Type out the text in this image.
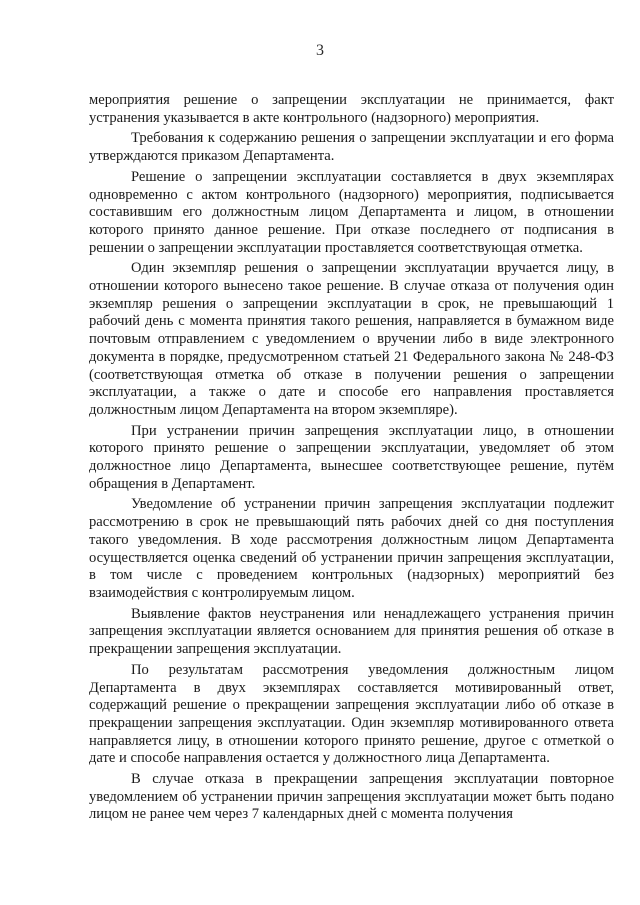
3

мероприятия решение о запрещении эксплуатации не принимается, факт устранения указывается в акте контрольного (надзорного) мероприятия.

Требования к содержанию решения о запрещении эксплуатации и его форма утверждаются приказом Департамента.

Решение о запрещении эксплуатации составляется в двух экземплярах одновременно с актом контрольного (надзорного) мероприятия, подписывается составившим его должностным лицом Департамента и лицом, в отношении которого принято данное решение. При отказе последнего от подписания в решении о запрещении эксплуатации проставляется соответствующая отметка.

Один экземпляр решения о запрещении эксплуатации вручается лицу, в отношении которого вынесено такое решение. В случае отказа от получения один экземпляр решения о запрещении эксплуатации в срок, не превышающий 1 рабочий день с момента принятия такого решения, направляется в бумажном виде почтовым отправлением с уведомлением о вручении либо в виде электронного документа в порядке, предусмотренном статьей 21 Федерального закона № 248-ФЗ (соответствующая отметка об отказе в получении решения о запрещении эксплуатации, а также о дате и способе его направления проставляется должностным лицом Департамента на втором экземпляре).

При устранении причин запрещения эксплуатации лицо, в отношении которого принято решение о запрещении эксплуатации, уведомляет об этом должностное лицо Департамента, вынесшее соответствующее решение, путём обращения в Департамент.

Уведомление об устранении причин запрещения эксплуатации подлежит рассмотрению в срок не превышающий пять рабочих дней со дня поступления такого уведомления. В ходе рассмотрения должностным лицом Департамента осуществляется оценка сведений об устранении причин запрещения эксплуатации, в том числе с проведением контрольных (надзорных) мероприятий без взаимодействия с контролируемым лицом.

Выявление фактов неустранения или ненадлежащего устранения причин запрещения эксплуатации является основанием для принятия решения об отказе в прекращении запрещения эксплуатации.

По результатам рассмотрения уведомления должностным лицом Департамента в двух экземплярах составляется мотивированный ответ, содержащий решение о прекращении запрещения эксплуатации либо об отказе в прекращении запрещения эксплуатации. Один экземпляр мотивированного ответа направляется лицу, в отношении которого принято решение, другое с отметкой о дате и способе направления остается у должностного лица Департамента.

В случае отказа в прекращении запрещения эксплуатации повторное уведомлением об устранении причин запрещения эксплуатации может быть подано лицом не ранее чем через 7 календарных дней с момента получения
